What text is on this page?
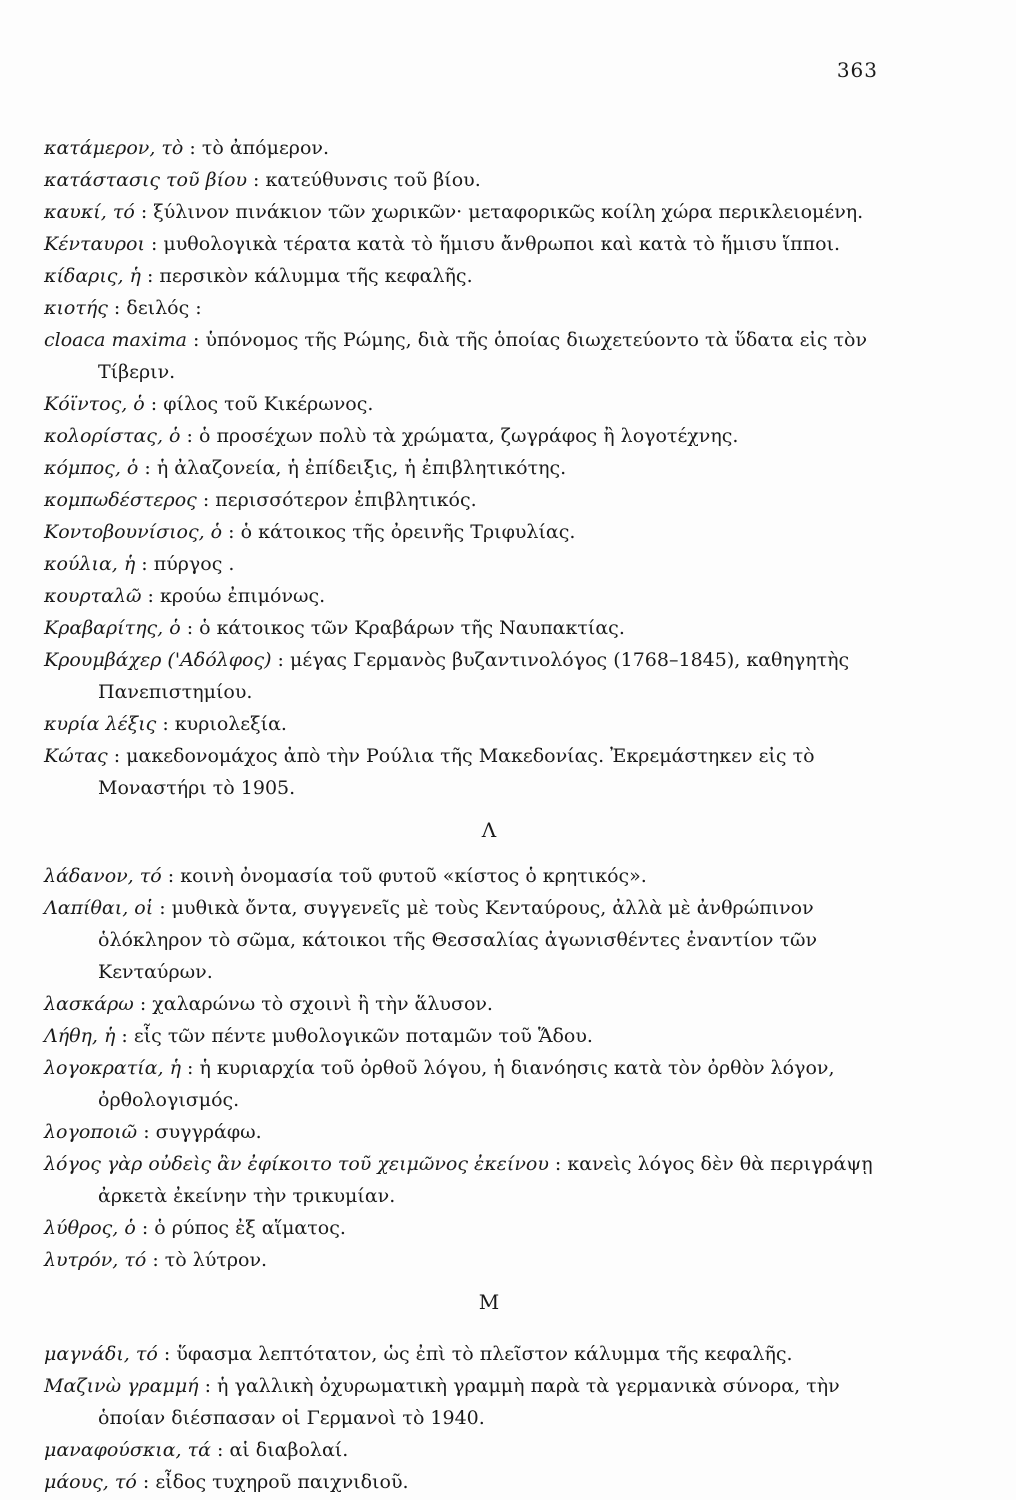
363
κατάμερον, τὸ : τὸ ἀπόμερον.
κατάστασις τοῦ βίου : κατεύθυνσις τοῦ βίου.
καυκί, τό : ξύλινον πινάκιον τῶν χωρικῶν· μεταφορικῶς κοίλη χώρα περικλειομένη.
Κένταυροι : μυθολογικὰ τέρατα κατὰ τὸ ἥμισυ ἄνθρωποι καὶ κατὰ τὸ ἥμισυ ἵπποι.
κίδαρις, ἡ : περσικὸν κάλυμμα τῆς κεφαλῆς.
κιοτής : δειλός :
cloaca maxima : ὑπόνομος τῆς Ρώμης, διὰ τῆς ὁποίας διωχετεύοντο τὰ ὕδατα εἰς τὸν Τίβεριν.
Κόϊντος, ὁ : φίλος τοῦ Κικέρωνος.
κολορίστας, ὁ : ὁ προσέχων πολὺ τὰ χρώματα, ζωγράφος ἢ λογοτέχνης.
κόμπος, ὁ : ἡ ἀλαζονεία, ἡ ἐπίδειξις, ἡ ἐπιβλητικότης.
κομπωδέστερος : περισσότερον ἐπιβλητικός.
Κοντοβουνίσιος, ὁ : ὁ κάτοικος τῆς ὀρεινῆς Τριφυλίας.
κούλια, ἡ : πύργος .
κουρταλῶ : κρούω ἐπιμόνως.
Κραβαρίτης, ὁ : ὁ κάτοικος τῶν Κραβάρων τῆς Ναυπακτίας.
Κρουμβάχερ ('Αδόλφος) : μέγας Γερμανὸς βυζαντινολόγος (1768–1845), καθηγητὴς Πανεπιστημίου.
κυρία λέξις : κυριολεξία.
Κώτας : μακεδονομάχος ἀπὸ τὴν Ρούλια τῆς Μακεδονίας. Ἐκρεμάστηκεν εἰς τὸ Μοναστήρι τὸ 1905.
Λ
λάδανον, τό : κοινὴ ὀνομασία τοῦ φυτοῦ «κίστος ὁ κρητικός».
Λαπίθαι, οἱ : μυθικὰ ὄντα, συγγενεῖς μὲ τοὺς Κενταύρους, ἀλλὰ μὲ ἀνθρώπινον ὁλόκληρον τὸ σῶμα, κάτοικοι τῆς Θεσσαλίας ἀγωνισθέντες ἐναντίον τῶν Κενταύρων.
λασκάρω : χαλαρώνω τὸ σχοινὶ ἢ τὴν ἅλυσον.
Λήθη, ἡ : εἷς τῶν πέντε μυθολογικῶν ποταμῶν τοῦ Ἅδου.
λογοκρατία, ἡ : ἡ κυριαρχία τοῦ ὀρθοῦ λόγου, ἡ διανόησις κατὰ τὸν ὀρθὸν λόγον, ὀρθολογισμός.
λογοποιῶ : συγγράφω.
λόγος γὰρ οὐδεὶς ἂν ἐφίκοιτο τοῦ χειμῶνος ἐκείνου : κανεὶς λόγος δὲν θὰ περιγράψῃ ἀρκετὰ ἐκείνην τὴν τρικυμίαν.
λύθρος, ὁ : ὁ ρύπος ἐξ αἵματος.
λυτρόν, τό : τὸ λύτρον.
Μ
μαγνάδι, τό : ὕφασμα λεπτότατον, ὡς ἐπὶ τὸ πλεῖστον κάλυμμα τῆς κεφαλῆς.
Μαζινὼ γραμμή : ἡ γαλλικὴ ὀχυρωματικὴ γραμμὴ παρὰ τὰ γερμανικὰ σύνορα, τὴν ὁποίαν διέσπασαν οἱ Γερμανοὶ τὸ 1940.
μαναφούσκια, τά : αἱ διαβολαί.
μάους, τό : εἶδος τυχηροῦ παιχνιδιοῦ.
